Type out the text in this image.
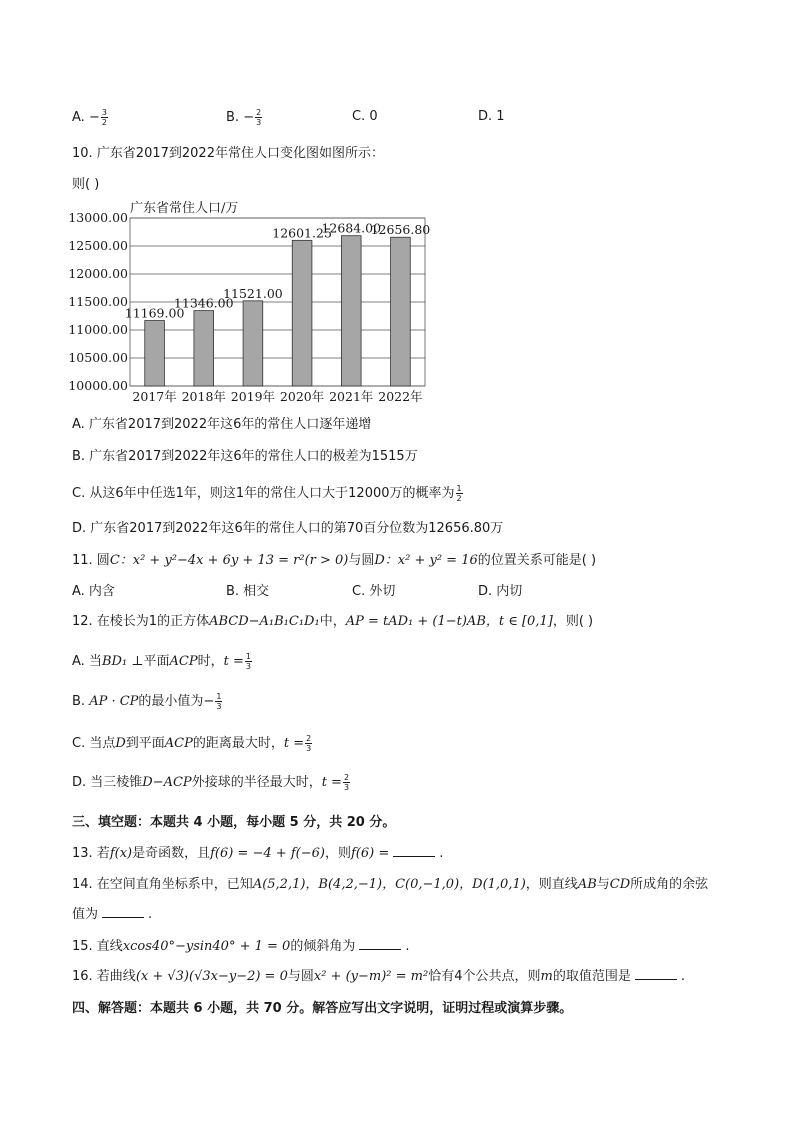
A. − $\frac{3}{2}$	B. − $\frac{2}{3}$	C. 0	D. 1
10. 广东省2017到2022年常住人口变化图如图所示：
则( )
广东省常住人口/万
10000.00
10500.00
11000.00
11500.00
12000.00
12500.00
13000.00
11169.00
11346.00
11521.00
12601.25
12684.00
12656.80
2017年 2018年 2019年 2020年 2021年 2022年
A. 广东省2017到2022年这6年的常住人口逐年递增
B. 广东省2017到2022年这6年的常住人口的极差为1515万
C. 从这6年中任选1年，则这1年的常住人口大于12000万的概率为 $\frac{1}{2}$
D. 广东省2017到2022年这6年的常住人口的第70百分位数为12656.80万
11. 圆C：x² + y²−4x + 6y + 13 = r²(r > 0)与圆D：x² + y² = 16的位置关系可能是( )
A. 内含	B. 相交	C. 外切	D. 内切
12. 在棱长为1的正方体ABCD−A₁B₁C₁D₁中，AP = tAD₁ + (1−t)AB，t ∈ [0,1]，则( )
A. 当BD₁ ⊥平面ACP时，$t = \frac{1}{3}$
B. AP · CP的最小值为− $\frac{1}{3}$
C. 当点D到平面ACP的距离最大时，$t = \frac{2}{3}$
D. 当三棱锥D−ACP外接球的半径最大时，$t = \frac{2}{3}$
三、填空题：本题共 4 小题，每小题 5 分，共 20 分。
13. 若f(x)是奇函数，且f(6) = −4 + f(−6)，则f(6) =	.
14. 在空间直角坐标系中，已知A(5,2,1)，B(4,2,−1)，C(0,−1,0)，D(1,0,1)，则直线AB与CD所成角的余弦
值为	.
15. 直线xcos40°−ysin40° + 1 = 0的倾斜角为	.
16. 若曲线(x + √3)(√3x−y−2) = 0与圆x² + (y−m)² = m²恰有4个公共点，则m的取值范围是	.
四、解答题：本题共 6 小题，共 70 分。解答应写出文字说明，证明过程或演算步骤。
